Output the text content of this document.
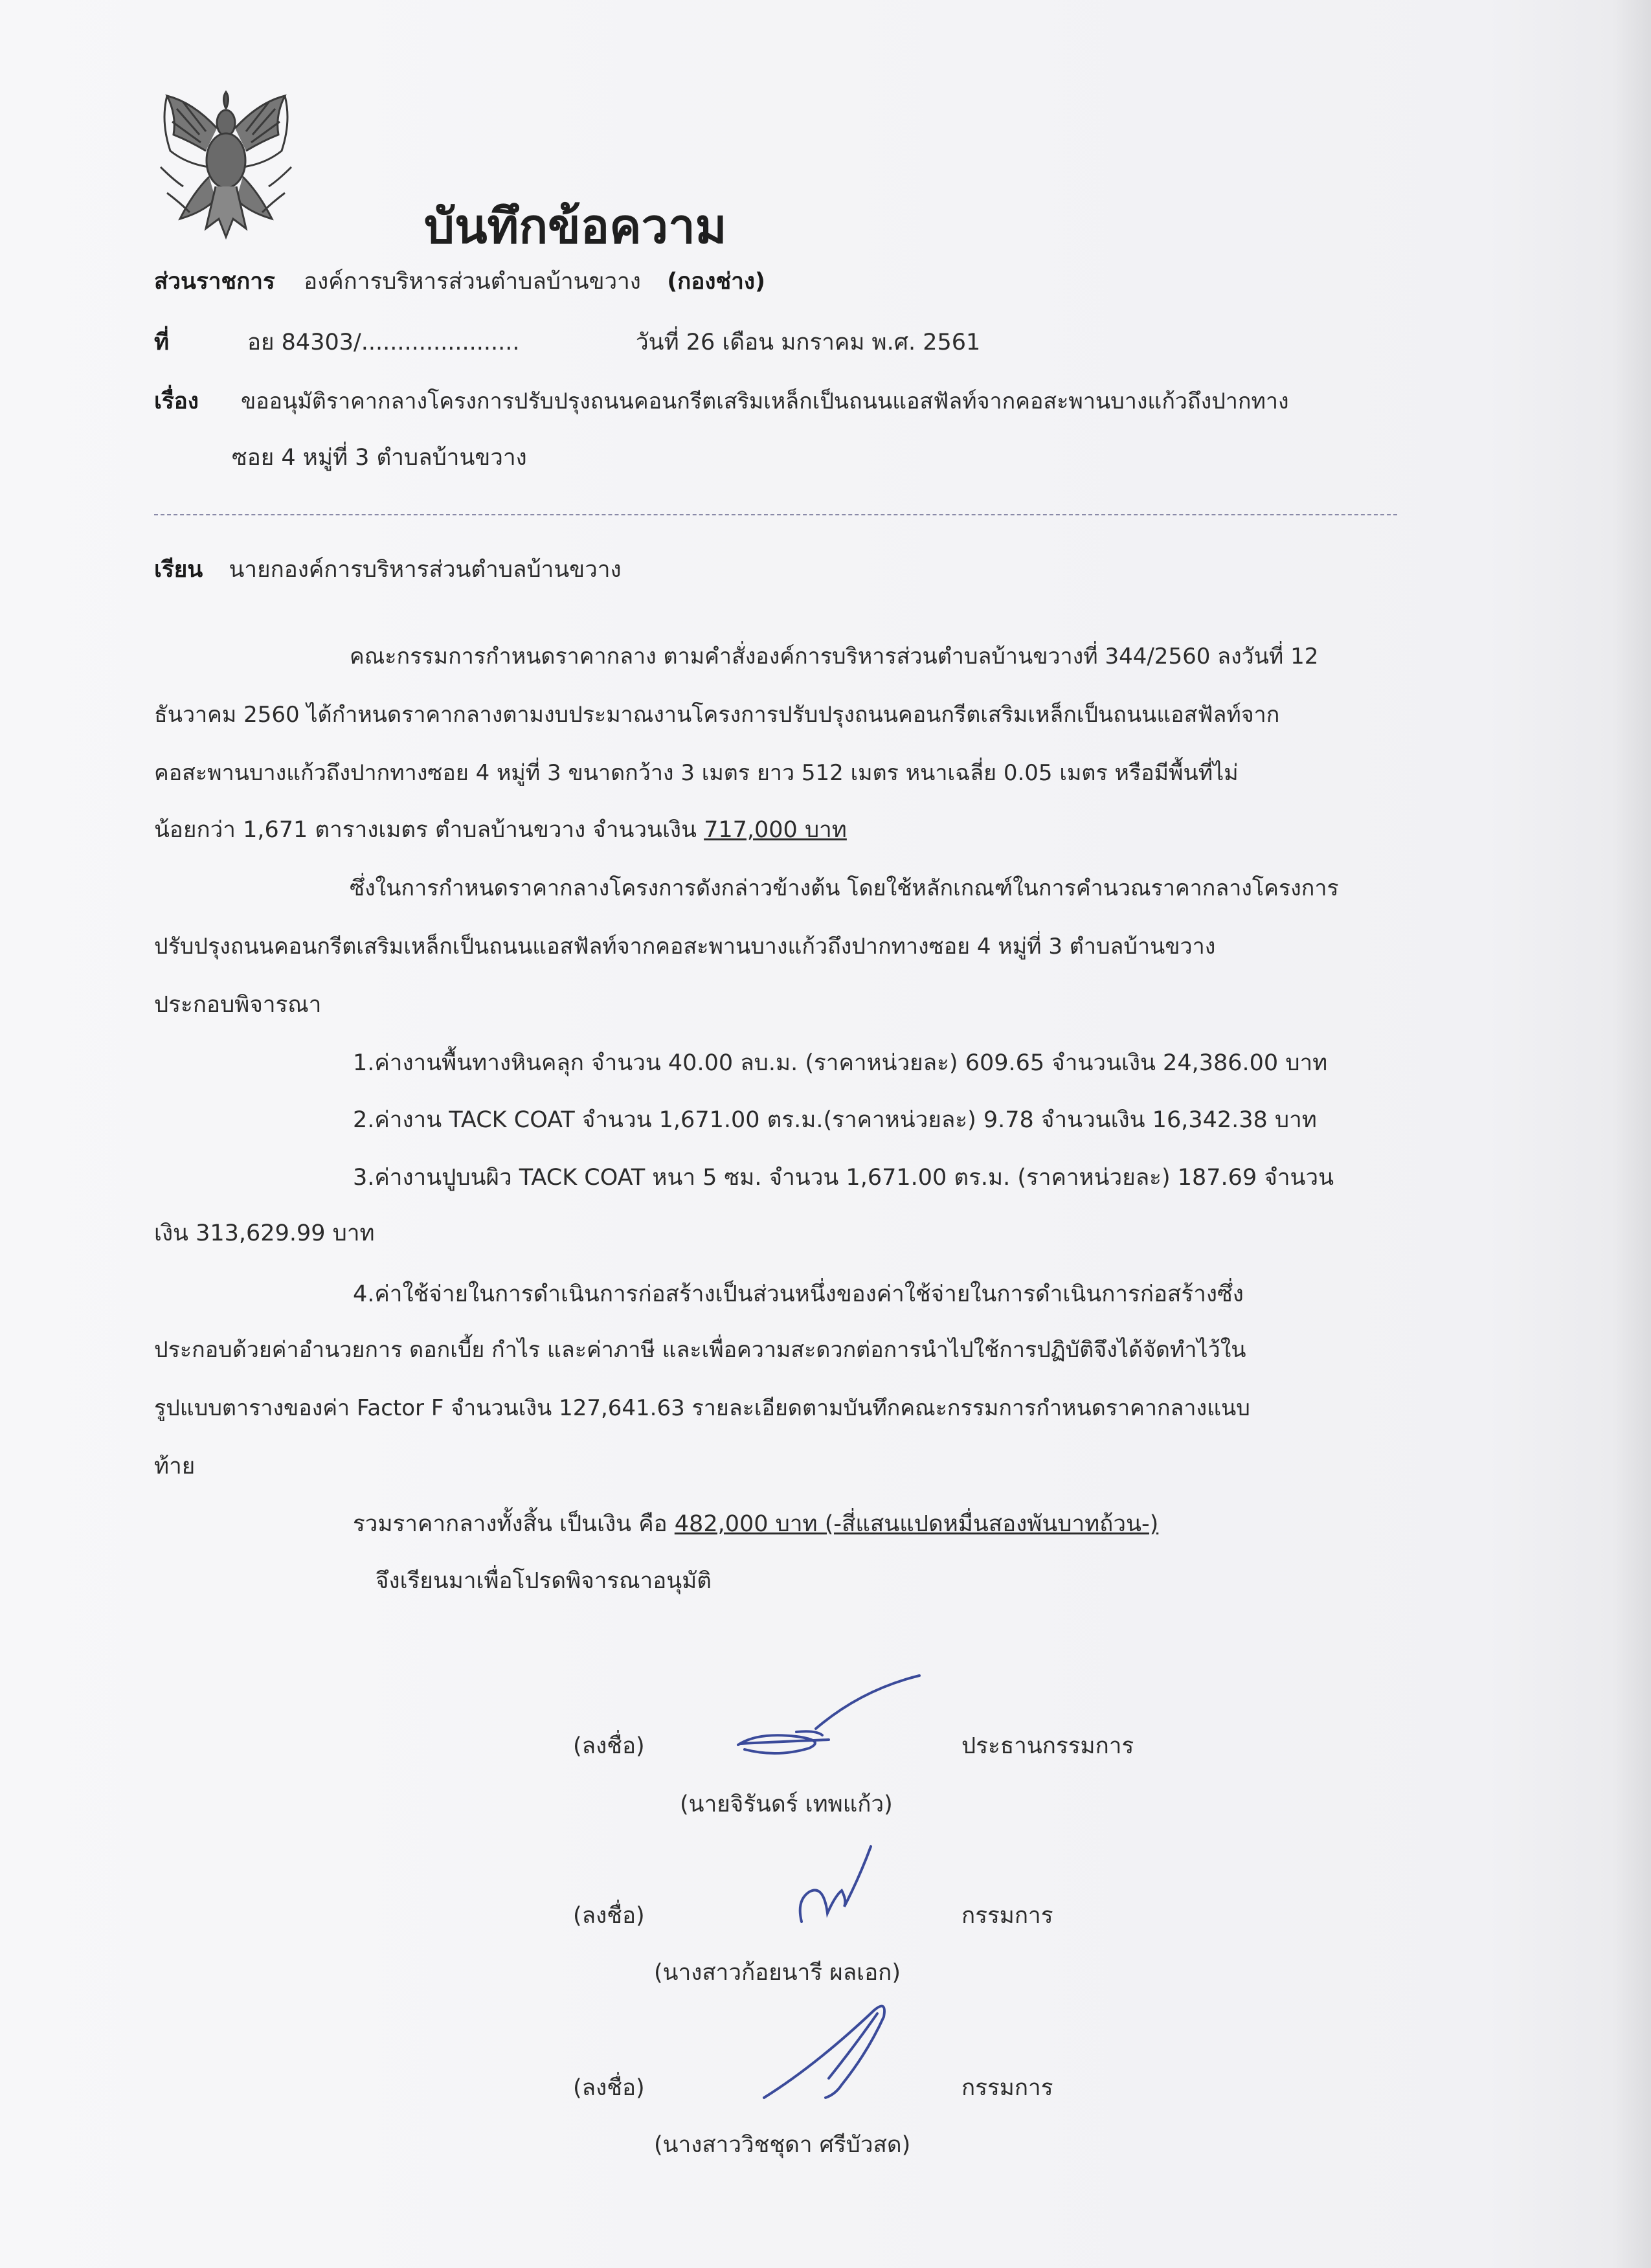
บันทึกข้อความ
ส่วนราชการ องค์การบริหารส่วนตำบลบ้านขวาง (กองช่าง)
ที่	อย 84303/......................	วันที่ 26 เดือน มกราคม พ.ศ. 2561
เรื่อง ขออนุมัติราคากลางโครงการปรับปรุงถนนคอนกรีตเสริมเหล็กเป็นถนนแอสฟัลท์จากคอสะพานบางแก้วถึงปากทาง
ซอย 4 หมู่ที่ 3 ตำบลบ้านขวาง
เรียน นายกองค์การบริหารส่วนตำบลบ้านขวาง
คณะกรรมการกำหนดราคากลาง ตามคำสั่งองค์การบริหารส่วนตำบลบ้านขวางที่ 344/2560 ลงวันที่ 12
ธันวาคม 2560 ได้กำหนดราคากลางตามงบประมาณงานโครงการปรับปรุงถนนคอนกรีตเสริมเหล็กเป็นถนนแอสฟัลท์จาก
คอสะพานบางแก้วถึงปากทางซอย 4 หมู่ที่ 3 ขนาดกว้าง 3 เมตร ยาว 512 เมตร หนาเฉลี่ย 0.05 เมตร หรือมีพื้นที่ไม่
น้อยกว่า 1,671 ตารางเมตร ตำบลบ้านขวาง จำนวนเงิน 717,000 บาท
ซึ่งในการกำหนดราคากลางโครงการดังกล่าวข้างต้น โดยใช้หลักเกณฑ์ในการคำนวณราคากลางโครงการ
ปรับปรุงถนนคอนกรีตเสริมเหล็กเป็นถนนแอสฟัลท์จากคอสะพานบางแก้วถึงปากทางซอย 4 หมู่ที่ 3 ตำบลบ้านขวาง
ประกอบพิจารณา
1.ค่างานพื้นทางหินคลุก จำนวน 40.00 ลบ.ม. (ราคาหน่วยละ) 609.65 จำนวนเงิน 24,386.00 บาท
2.ค่างาน TACK COAT จำนวน 1,671.00 ตร.ม.(ราคาหน่วยละ) 9.78 จำนวนเงิน 16,342.38 บาท
3.ค่างานปูบนผิว TACK COAT หนา 5 ซม. จำนวน 1,671.00 ตร.ม. (ราคาหน่วยละ) 187.69 จำนวน
เงิน 313,629.99 บาท
4.ค่าใช้จ่ายในการดำเนินการก่อสร้างเป็นส่วนหนึ่งของค่าใช้จ่ายในการดำเนินการก่อสร้างซึ่ง
ประกอบด้วยค่าอำนวยการ ดอกเบี้ย กำไร และค่าภาษี และเพื่อความสะดวกต่อการนำไปใช้การปฏิบัติจึงได้จัดทำไว้ใน
รูปแบบตารางของค่า Factor F จำนวนเงิน 127,641.63 รายละเอียดตามบันทึกคณะกรรมการกำหนดราคากลางแนบ
ท้าย
รวมราคากลางทั้งสิ้น เป็นเงิน คือ 482,000 บาท (-สี่แสนแปดหมื่นสองพันบาทถ้วน-)
จึงเรียนมาเพื่อโปรดพิจารณาอนุมัติ
(ลงชื่อ)	ประธานกรรมการ
(นายจิรันดร์ เทพแก้ว)
(ลงชื่อ)	กรรมการ
(นางสาวก้อยนารี ผลเอก)
(ลงชื่อ)	กรรมการ
(นางสาววิชชุดา ศรีบัวสด)
